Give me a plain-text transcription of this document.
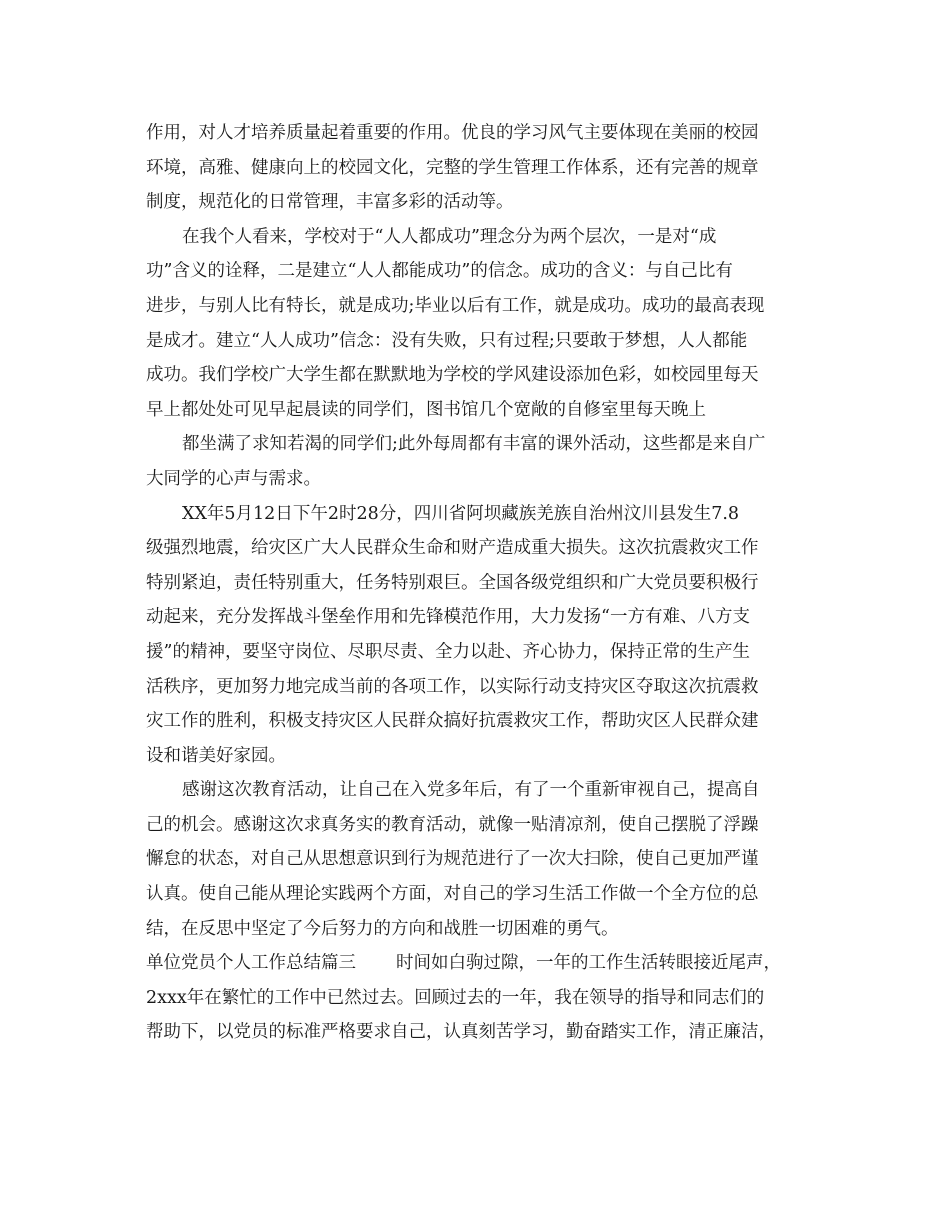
作用，对人才培养质量起着重要的作用。优良的学习风气主要体现在美丽的校园
环境，高雅、健康向上的校园文化，完整的学生管理工作体系，还有完善的规章
制度，规范化的日常管理，丰富多彩的活动等。
在我个人看来，学校对于“人人都成功”理念分为两个层次，一是对“成
功”含义的诠释，二是建立“人人都能成功”的信念。成功的含义：与自己比有
进步，与别人比有特长，就是成功;毕业以后有工作，就是成功。成功的最高表现
是成才。建立“人人成功”信念：没有失败，只有过程;只要敢于梦想，人人都能
成功。我们学校广大学生都在默默地为学校的学风建设添加色彩，如校园里每天
早上都处处可见早起晨读的同学们，图书馆几个宽敞的自修室里每天晚上
都坐满了求知若渴的同学们;此外每周都有丰富的课外活动，这些都是来自广
大同学的心声与需求。
XX年5月12日下午2时28分，四川省阿坝藏族羌族自治州汶川县发生7.8
级强烈地震，给灾区广大人民群众生命和财产造成重大损失。这次抗震救灾工作
特别紧迫，责任特别重大，任务特别艰巨。全国各级党组织和广大党员要积极行
动起来，充分发挥战斗堡垒作用和先锋模范作用，大力发扬“一方有难、八方支
援”的精神，要坚守岗位、尽职尽责、全力以赴、齐心协力，保持正常的生产生
活秩序，更加努力地完成当前的各项工作，以实际行动支持灾区夺取这次抗震救
灾工作的胜利，积极支持灾区人民群众搞好抗震救灾工作，帮助灾区人民群众建
设和谐美好家园。
感谢这次教育活动，让自己在入党多年后，有了一个重新审视自己，提高自
己的机会。感谢这次求真务实的教育活动，就像一贴清凉剂，使自己摆脱了浮躁
懈怠的状态，对自己从思想意识到行为规范进行了一次大扫除，使自己更加严谨
认真。使自己能从理论实践两个方面，对自己的学习生活工作做一个全方位的总
结，在反思中坚定了今后努力的方向和战胜一切困难的勇气。
单位党员个人工作总结篇三 时间如白驹过隙，一年的工作生活转眼接近尾声，
2xxx年在繁忙的工作中已然过去。回顾过去的一年，我在领导的指导和同志们的
帮助下，以党员的标准严格要求自己，认真刻苦学习，勤奋踏实工作，清正廉洁，
